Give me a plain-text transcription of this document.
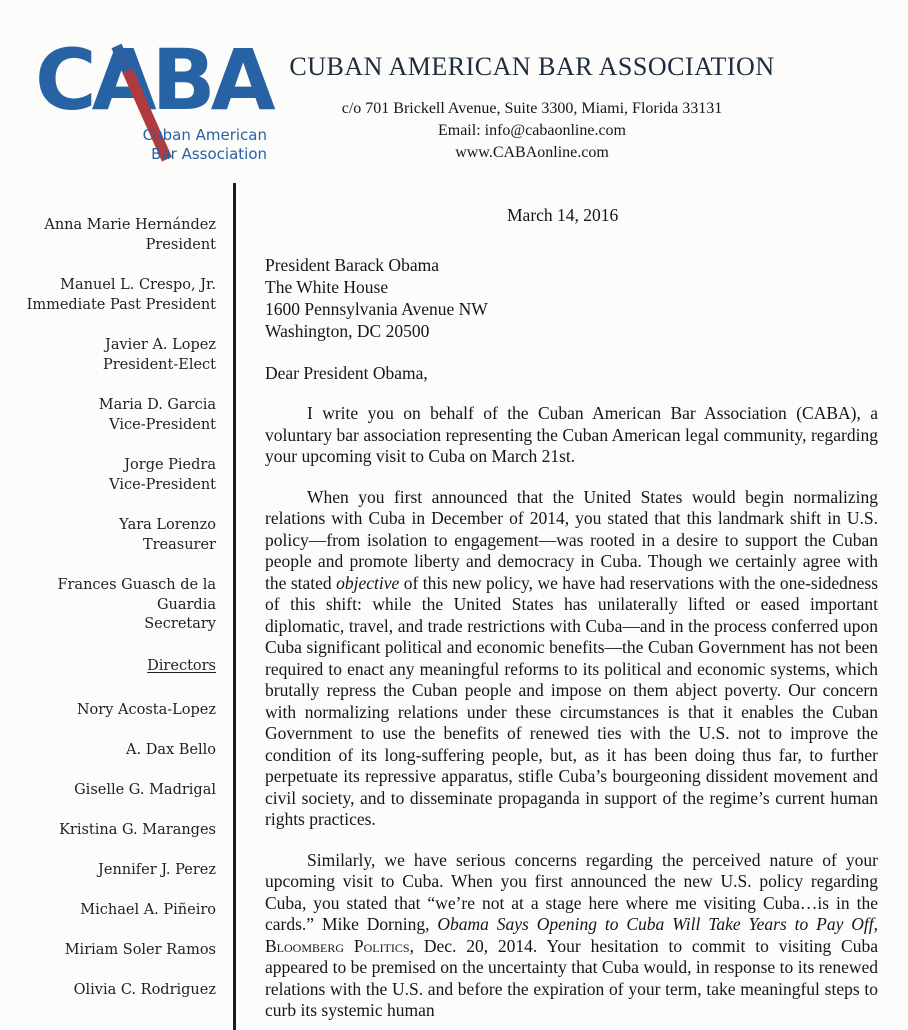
CABA
Cuban American
Bar Association
CUBAN AMERICAN BAR ASSOCIATION
c/o 701 Brickell Avenue, Suite 3300, Miami, Florida 33131
Email: info@cabaonline.com
www.CABAonline.com
Anna Marie Hernández
President
Manuel L. Crespo, Jr.
Immediate Past President
Javier A. Lopez
President-Elect
Maria D. Garcia
Vice-President
Jorge Piedra
Vice-President
Yara Lorenzo
Treasurer
Frances Guasch de la Guardia
Secretary
Directors
Nory Acosta-Lopez
A. Dax Bello
Giselle G. Madrigal
Kristina G. Maranges
Jennifer J. Perez
Michael A. Piñeiro
Miriam Soler Ramos
Olivia C. Rodriguez
March 14, 2016
President Barack Obama
The White House
1600 Pennsylvania Avenue NW
Washington, DC 20500
Dear President Obama,

I write you on behalf of the Cuban American Bar Association (CABA), a voluntary bar association representing the Cuban American legal community, regarding your upcoming visit to Cuba on March 21st.

When you first announced that the United States would begin normalizing relations with Cuba in December of 2014, you stated that this landmark shift in U.S. policy—from isolation to engagement—was rooted in a desire to support the Cuban people and promote liberty and democracy in Cuba. Though we certainly agree with the stated objective of this new policy, we have had reservations with the one-sidedness of this shift: while the United States has unilaterally lifted or eased important diplomatic, travel, and trade restrictions with Cuba—and in the process conferred upon Cuba significant political and economic benefits—the Cuban Government has not been required to enact any meaningful reforms to its political and economic systems, which brutally repress the Cuban people and impose on them abject poverty. Our concern with normalizing relations under these circumstances is that it enables the Cuban Government to use the benefits of renewed ties with the U.S. not to improve the condition of its long-suffering people, but, as it has been doing thus far, to further perpetuate its repressive apparatus, stifle Cuba’s bourgeoning dissident movement and civil society, and to disseminate propaganda in support of the regime’s current human rights practices.

Similarly, we have serious concerns regarding the perceived nature of your upcoming visit to Cuba. When you first announced the new U.S. policy regarding Cuba, you stated that “we’re not at a stage here where me visiting Cuba…is in the cards.” Mike Dorning, Obama Says Opening to Cuba Will Take Years to Pay Off, Bloomberg Politics, Dec. 20, 2014. Your hesitation to commit to visiting Cuba appeared to be premised on the uncertainty that Cuba would, in response to its renewed relations with the U.S. and before the expiration of your term, take meaningful steps to curb its systemic human
